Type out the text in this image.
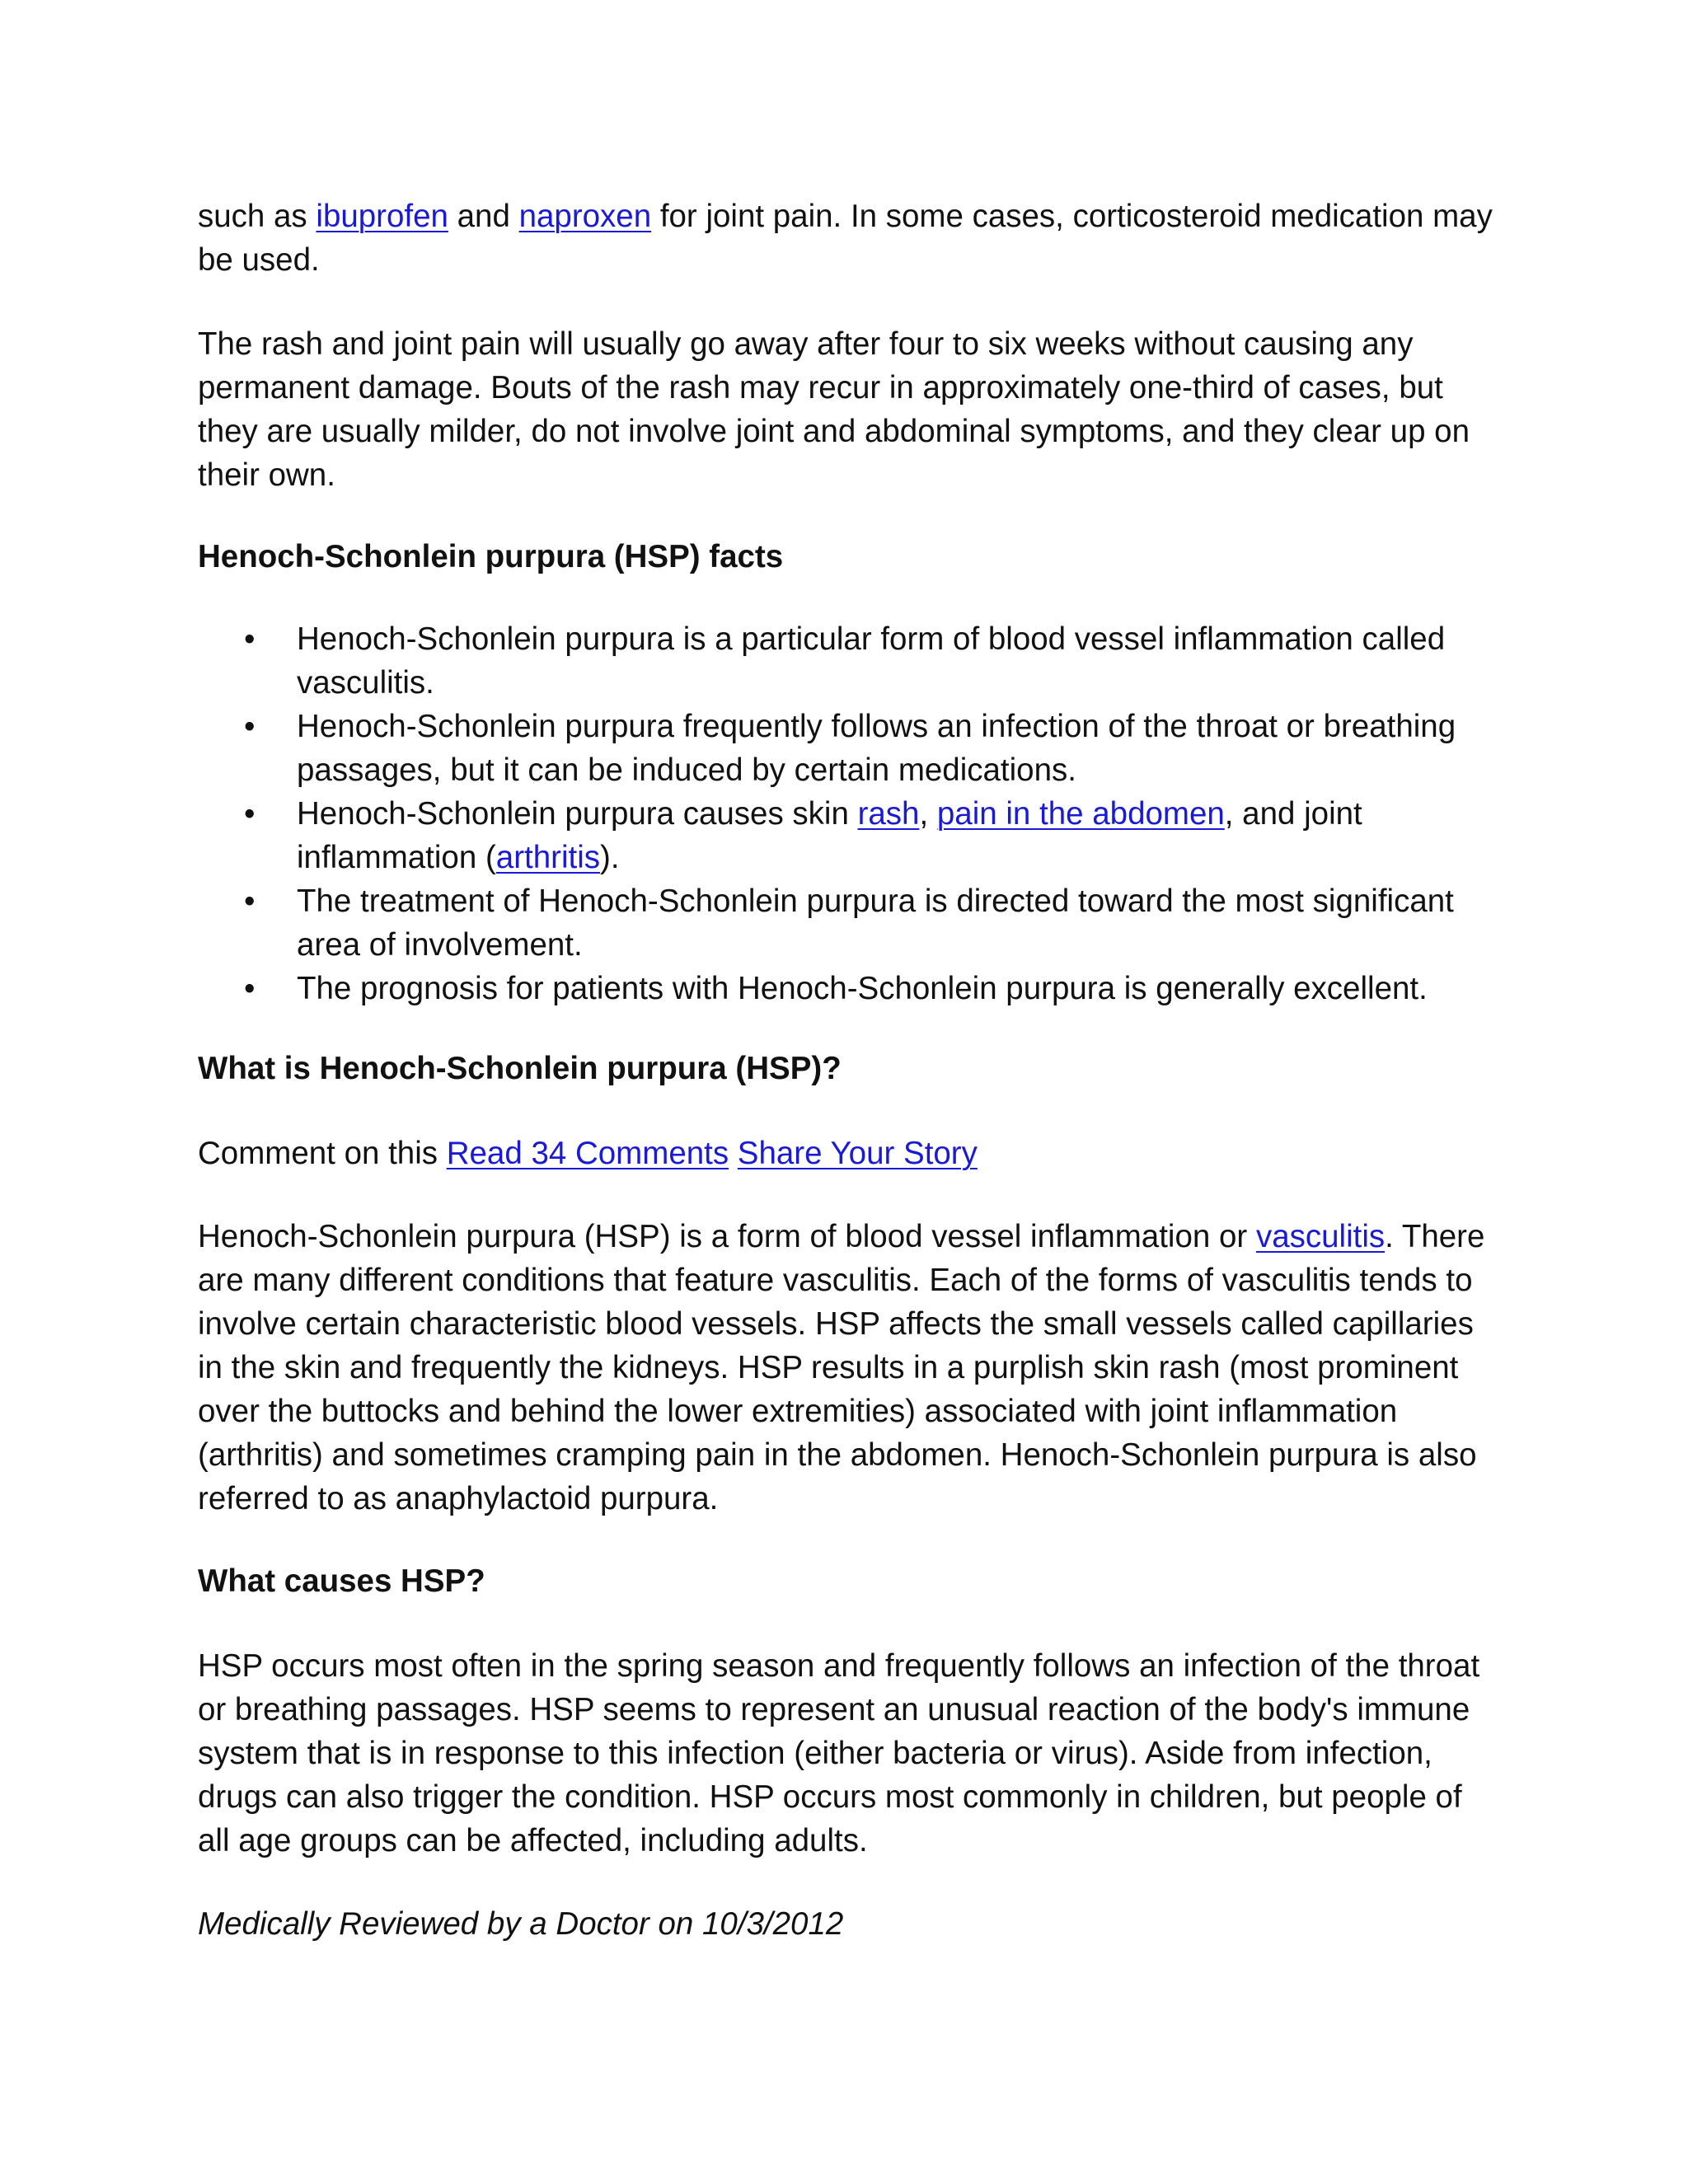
such as ibuprofen and naproxen for joint pain. In some cases, corticosteroid medication may be used.

The rash and joint pain will usually go away after four to six weeks without causing any permanent damage. Bouts of the rash may recur in approximately one-third of cases, but they are usually milder, do not involve joint and abdominal symptoms, and they clear up on their own.

Henoch-Schonlein purpura (HSP) facts

• Henoch-Schonlein purpura is a particular form of blood vessel inflammation called vasculitis.
• Henoch-Schonlein purpura frequently follows an infection of the throat or breathing passages, but it can be induced by certain medications.
• Henoch-Schonlein purpura causes skin rash, pain in the abdomen, and joint inflammation (arthritis).
• The treatment of Henoch-Schonlein purpura is directed toward the most significant area of involvement.
• The prognosis for patients with Henoch-Schonlein purpura is generally excellent.

What is Henoch-Schonlein purpura (HSP)?

Comment on this Read 34 Comments Share Your Story

Henoch-Schonlein purpura (HSP) is a form of blood vessel inflammation or vasculitis. There are many different conditions that feature vasculitis. Each of the forms of vasculitis tends to involve certain characteristic blood vessels. HSP affects the small vessels called capillaries in the skin and frequently the kidneys. HSP results in a purplish skin rash (most prominent over the buttocks and behind the lower extremities) associated with joint inflammation (arthritis) and sometimes cramping pain in the abdomen. Henoch-Schonlein purpura is also referred to as anaphylactoid purpura.

What causes HSP?

HSP occurs most often in the spring season and frequently follows an infection of the throat or breathing passages. HSP seems to represent an unusual reaction of the body's immune system that is in response to this infection (either bacteria or virus). Aside from infection, drugs can also trigger the condition. HSP occurs most commonly in children, but people of all age groups can be affected, including adults.

Medically Reviewed by a Doctor on 10/3/2012
